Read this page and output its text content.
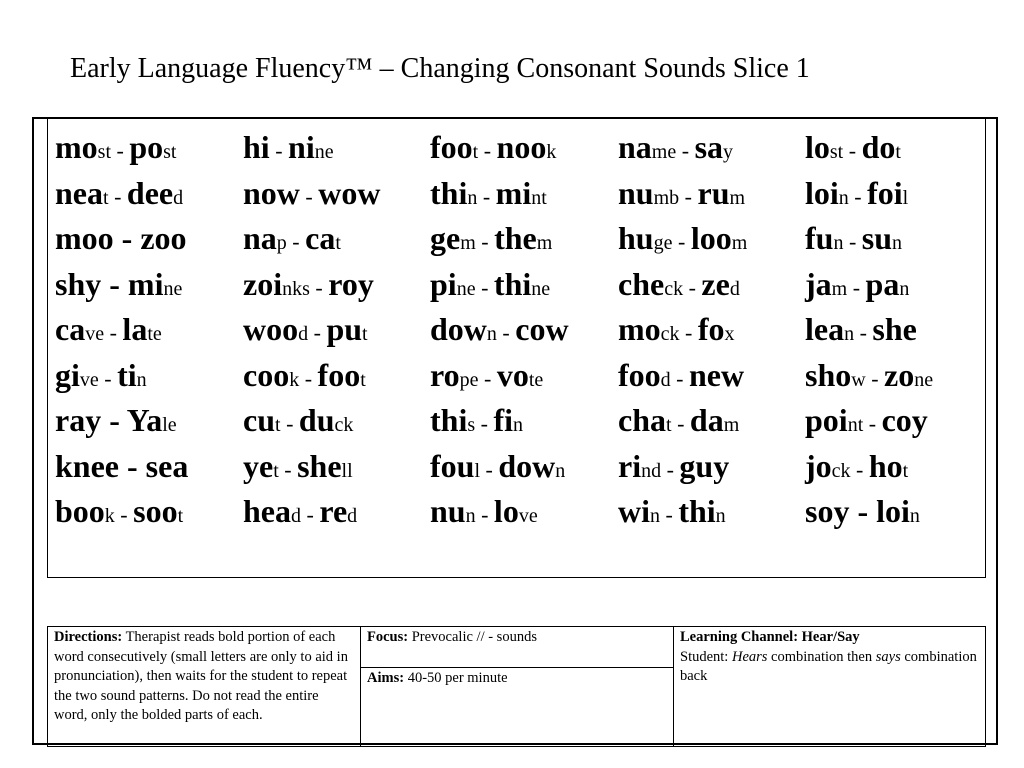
Early Language Fluency™ – Changing Consonant Sounds Slice 1
most - post
neat - deed
moo - zoo
shy - mine
cave - late
give - tin
ray - Yale
knee - sea
book - soot
hi - nine
now - wow
nap - cat
zoinks - roy
wood - put
cook - foot
cut - duck
yet - shell
head - red
foot - nook
thin - mint
gem - them
pine - thine
down - cow
rope - vote
this - fin
foul - down
nun - love
name - say
numb - rum
huge - loom
check - zed
mock - fox
food - new
chat - dam
rind - guy
win - thin
lost - dot
loin - foil
fun - sun
jam - pan
lean - she
show - zone
point - coy
jock - hot
soy - loin
Directions: Therapist reads bold portion of each word consecutively (small letters are only to aid in pronunciation), then waits for the student to repeat the two sound patterns. Do not read the entire word, only the bolded parts of each.
Focus: Prevocalic // - sounds
Aims: 40-50 per minute
Learning Channel: Hear/Say
Student: Hears combination then says combination back
